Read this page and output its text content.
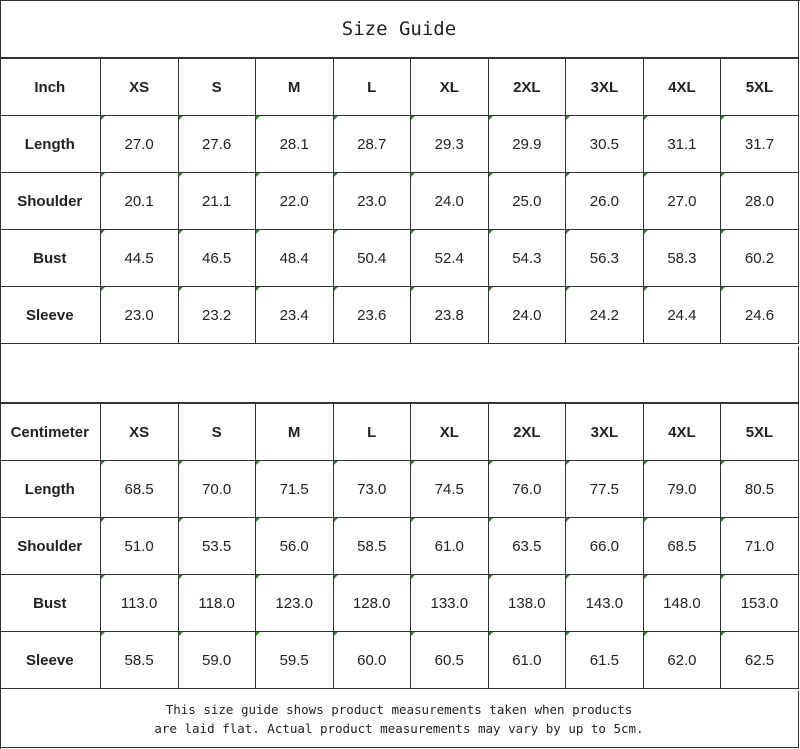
Size Guide
Inch	XS	S	M	L	XL	2XL	3XL	4XL	5XL
Length	27.0	27.6	28.1	28.7	29.3	29.9	30.5	31.1	31.7
Shoulder	20.1	21.1	22.0	23.0	24.0	25.0	26.0	27.0	28.0
Bust	44.5	46.5	48.4	50.4	52.4	54.3	56.3	58.3	60.2
Sleeve	23.0	23.2	23.4	23.6	23.8	24.0	24.2	24.4	24.6
Centimeter	XS	S	M	L	XL	2XL	3XL	4XL	5XL
Length	68.5	70.0	71.5	73.0	74.5	76.0	77.5	79.0	80.5
Shoulder	51.0	53.5	56.0	58.5	61.0	63.5	66.0	68.5	71.0
Bust	113.0	118.0	123.0	128.0	133.0	138.0	143.0	148.0	153.0
Sleeve	58.5	59.0	59.5	60.0	60.5	61.0	61.5	62.0	62.5
This size guide shows product measurements taken when products
are laid flat. Actual product measurements may vary by up to 5cm.
